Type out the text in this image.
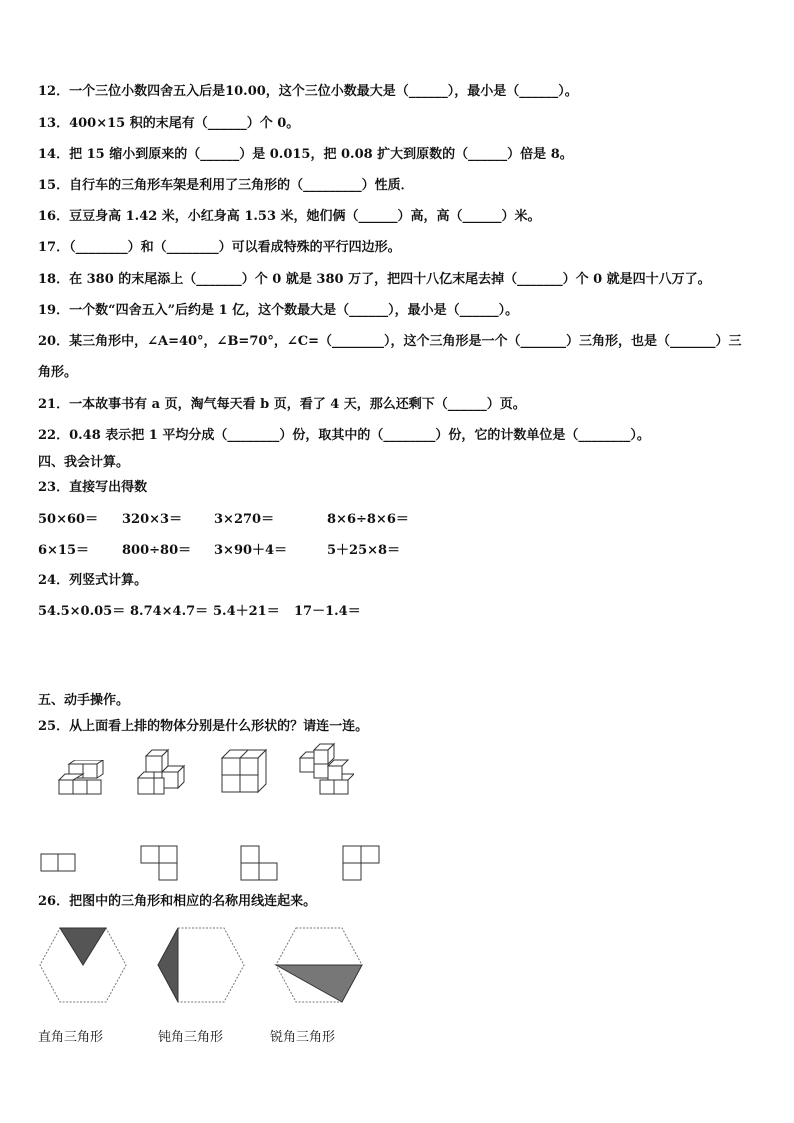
12．一个三位小数四舍五入后是10.00，这个三位小数最大是（______），最小是（______）。
13．400×15 积的末尾有（______）个 0。
14．把 15 缩小到原来的（______）是 0.015，把 0.08 扩大到原数的（______）倍是 8。
15．自行车的三角形车架是利用了三角形的（_________）性质．
16．豆豆身高 1.42 米，小红身高 1.53 米，她们俩（______）高，高（______）米。
17．（________）和（________）可以看成特殊的平行四边形。
18．在 380 的末尾添上（_______）个 0 就是 380 万了，把四十八亿末尾去掉（_______）个 0 就是四十八万了。
19．一个数“四舍五入”后约是 1 亿，这个数最大是（______），最小是（______）。
20．某三角形中，∠A=40°，∠B=70°，∠C=（________），这个三角形是一个（_______）三角形，也是（_______）三
角形。
21．一本故事书有 a 页，淘气每天看 b 页，看了 4 天，那么还剩下（______）页。
22．0.48 表示把 1 平均分成（________）份，取其中的（________）份，它的计数单位是（________）。
四、我会计算。
23．直接写出得数
50×60＝ 320×3＝ 3×270＝	8×6÷8×6＝
6×15＝	800÷80＝ 3×90＋4＝	5＋25×8＝
24．列竖式计算。
54.5×0.05＝ 8.74×4.7＝ 5.4＋21＝ 17－1.4＝
五、动手操作。
25．从上面看上排的物体分别是什么形状的？请连一连。
26．把图中的三角形和相应的名称用线连起来。
直角三角形	钝角三角形	锐角三角形
